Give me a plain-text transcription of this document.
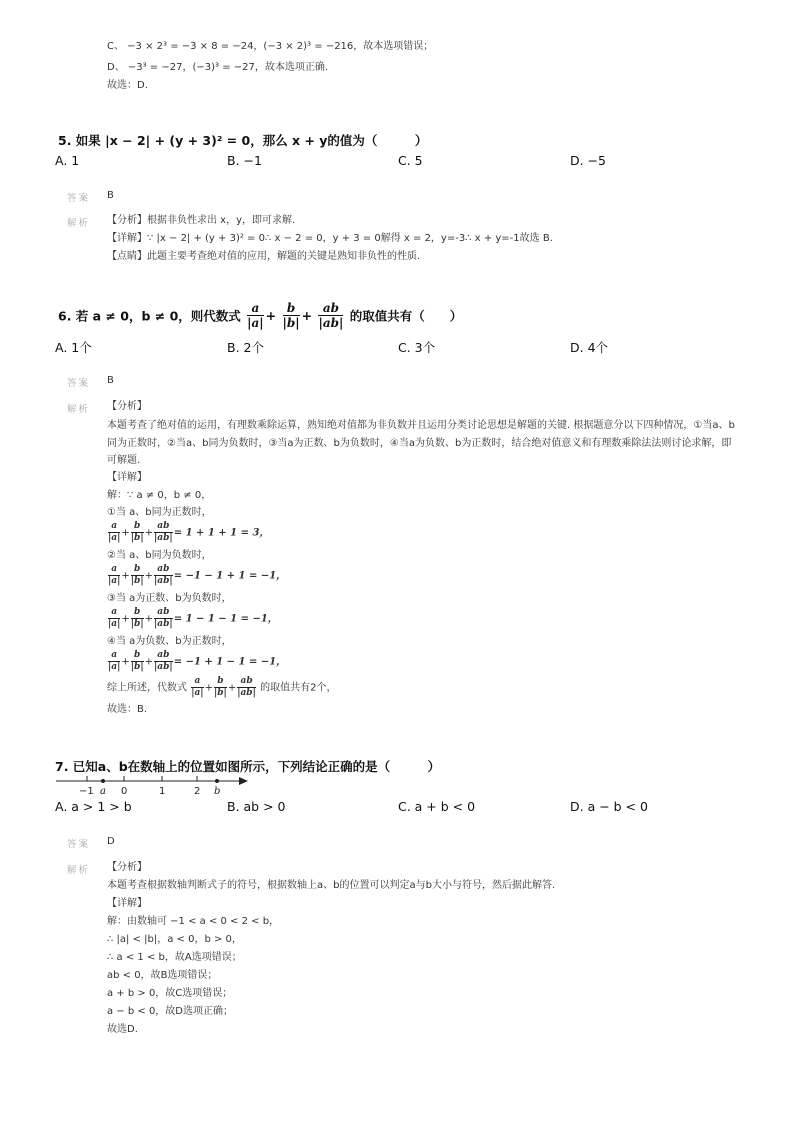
C、 −3 × 2³ = −3 × 8 = −24，(−3 × 2)³ = −216，故本选项错误；
D、 −3³ = −27，(−3)³ = −27，故本选项正确.
故选：D.
5. 如果 |x − 2| + (y + 3)² = 0，那么 x + y的值为（　　　）
A. 1	B. −1	C. 5	D. −5
答案 B
解析 【分析】根据非负性求出 x，y，即可求解.
【详解】∵ |x − 2| + (y + 3)² = 0∴ x − 2 = 0，y + 3 = 0解得 x = 2，y=-3∴ x + y=-1故选 B.
【点睛】此题主要考查绝对值的应用，解题的关键是熟知非负性的性质.
6. 若 a ≠ 0，b ≠ 0，则代数式 $\frac{a}{|a|} + \frac{b}{|b|} + \frac{ab}{|ab|}$ 的取值共有（　　）
A. 1个	B. 2个	C. 3个	D. 4个
答案 B
解析 【分析】
本题考查了绝对值的运用，有理数乘除运算，熟知绝对值都为非负数并且运用分类讨论思想是解题的关键. 根据题意分以下四种情况，①当a、b同为正数时，②当a、b同为负数时，③当a为正数、b为负数时，④当a为负数、b为正数时，结合绝对值意义和有理数乘除法法则讨论求解，即可解题.
【详解】
解：∵ a ≠ 0，b ≠ 0，
①当 a、b同为正数时，
$\frac{a}{|a|} + \frac{b}{|b|} + \frac{ab}{|ab|} = 1 + 1 + 1 = 3$，
②当 a、b同为负数时，
$\frac{a}{|a|} + \frac{b}{|b|} + \frac{ab}{|ab|} = -1 - 1 + 1 = -1$，
③当 a为正数、b为负数时，
$\frac{a}{|a|} + \frac{b}{|b|} + \frac{ab}{|ab|} = 1 - 1 - 1 = -1$，
④当 a为负数、b为正数时，
$\frac{a}{|a|} + \frac{b}{|b|} + \frac{ab}{|ab|} = -1 + 1 - 1 = -1$，
综上所述，代数式 $\frac{a}{|a|} + \frac{b}{|b|} + \frac{ab}{|ab|}$ 的取值共有2个，
故选：B.
7. 已知a、b在数轴上的位置如图所示，下列结论正确的是（　　　）
−1 a 0	1	2 b
A. a > 1 > b	B. ab > 0	C. a + b < 0	D. a − b < 0
答案 D
解析 【分析】
本题考查根据数轴判断式子的符号，根据数轴上a、b的位置可以判定a与b大小与符号，然后据此解答.
【详解】
解：由数轴可 −1 < a < 0 < 2 < b，
∴ |a| < |b|，a < 0，b > 0，
∴ a < 1 < b，故A选项错误；
ab < 0，故B选项错误；
a + b > 0，故C选项错误；
a − b < 0，故D选项正确；
故选D.
